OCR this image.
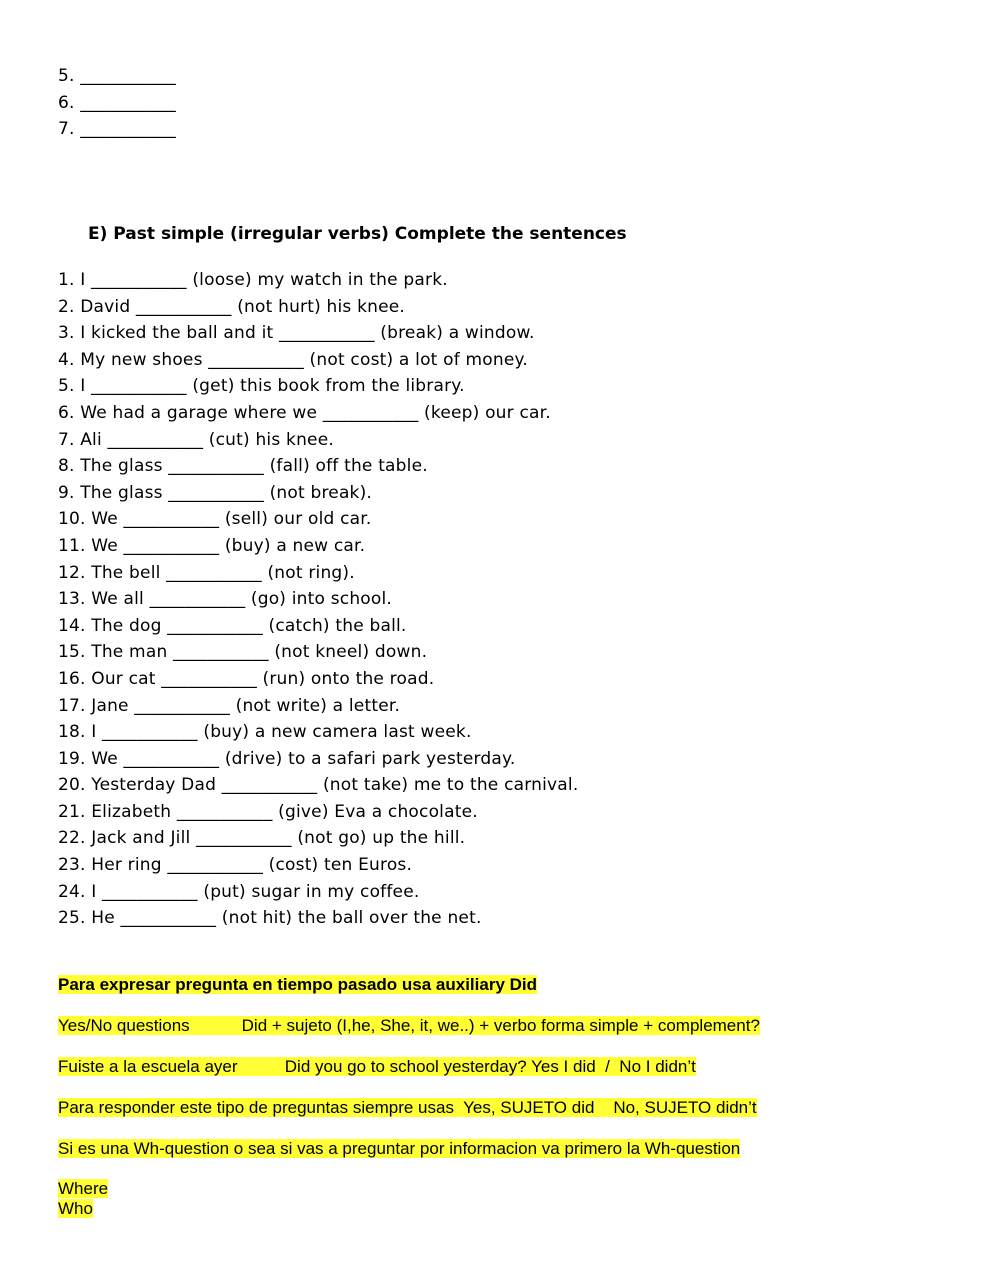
5. ___________
6. ___________
7. ___________
E) Past simple (irregular verbs) Complete the sentences
1. I ___________ (loose) my watch in the park.
2. David ___________ (not hurt) his knee.
3. I kicked the ball and it ___________ (break) a window.
4. My new shoes ___________ (not cost) a lot of money.
5. I ___________ (get) this book from the library.
6. We had a garage where we ___________ (keep) our car.
7. Ali ___________ (cut) his knee.
8. The glass ___________ (fall) off the table.
9. The glass ___________ (not break).
10. We ___________ (sell) our old car.
11. We ___________ (buy) a new car.
12. The bell ___________ (not ring).
13. We all ___________ (go) into school.
14. The dog ___________ (catch) the ball.
15. The man ___________ (not kneel) down.
16. Our cat ___________ (run) onto the road.
17. Jane ___________ (not write) a letter.
18. I ___________ (buy) a new camera last week.
19. We ___________ (drive) to a safari park yesterday.
20. Yesterday Dad ___________ (not take) me to the carnival.
21. Elizabeth ___________ (give) Eva a chocolate.
22. Jack and Jill ___________ (not go) up the hill.
23. Her ring ___________ (cost) ten Euros.
24. I ___________ (put) sugar in my coffee.
25. He ___________ (not hit) the ball over the net.
Para expresar pregunta en tiempo pasado usa auxiliary Did
Yes/No questions           Did + sujeto (I,he, She, it, we..) + verbo forma simple + complement?
Fuiste a la escuela ayer          Did you go to school yesterday? Yes I did  /  No I didn’t
Para responder este tipo de preguntas siempre usas  Yes, SUJETO did    No, SUJETO didn’t
Si es una Wh-question o sea si vas a preguntar por informacion va primero la Wh-question
Where
Who
